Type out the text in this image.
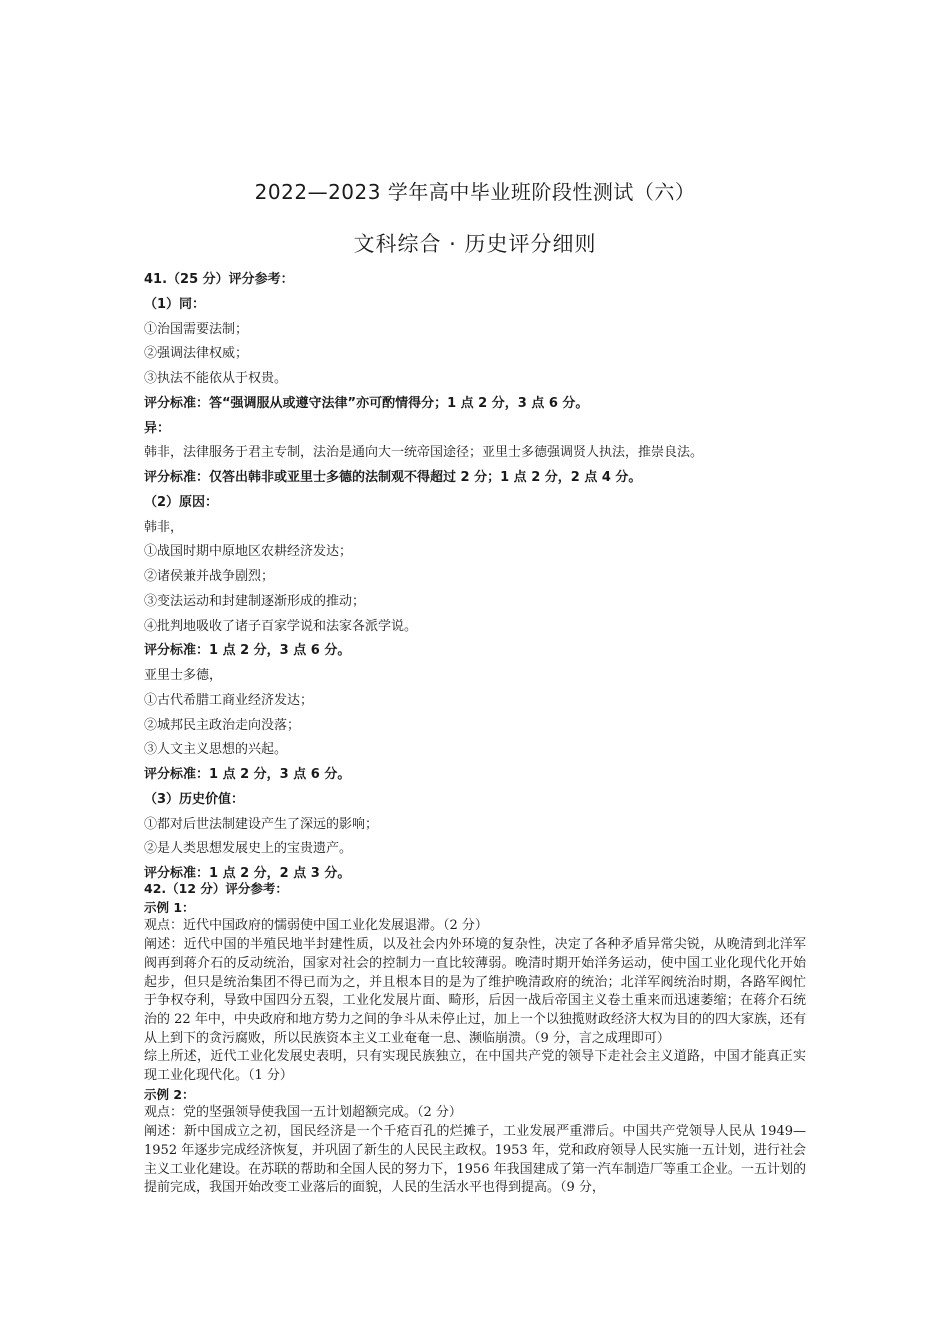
2022—2023 学年高中毕业班阶段性测试（六）
文科综合 · 历史评分细则
41.（25 分）评分参考：
（1）同：
①治国需要法制；
②强调法律权威；
③执法不能依从于权贵。
评分标准：答“强调服从或遵守法律”亦可酌情得分；1 点 2 分，3 点 6 分。
异：
韩非，法律服务于君主专制，法治是通向大一统帝国途径；亚里士多德强调贤人执法，推崇良法。
评分标准：仅答出韩非或亚里士多德的法制观不得超过 2 分；1 点 2 分，2 点 4 分。
（2）原因：
韩非，
①战国时期中原地区农耕经济发达；
②诸侯兼并战争剧烈；
③变法运动和封建制逐渐形成的推动；
④批判地吸收了诸子百家学说和法家各派学说。
评分标准：1 点 2 分，3 点 6 分。
亚里士多德，
①古代希腊工商业经济发达；
②城邦民主政治走向没落；
③人文主义思想的兴起。
评分标准：1 点 2 分，3 点 6 分。
（3）历史价值：
①都对后世法制建设产生了深远的影响；
②是人类思想发展史上的宝贵遗产。
评分标准：1 点 2 分，2 点 3 分。
42.（12 分）评分参考：
示例 1：
观点：近代中国政府的懦弱使中国工业化发展退滞。（2 分）
阐述：近代中国的半殖民地半封建性质，以及社会内外环境的复杂性，决定了各种矛盾异常尖锐，从晚清到北洋军阀再到蒋介石的反动统治，国家对社会的控制力一直比较薄弱。晚清时期开始洋务运动，使中国工业化现代化开始起步，但只是统治集团不得已而为之，并且根本目的是为了维护晚清政府的统治；北洋军阀统治时期，各路军阀忙于争权夺利，导致中国四分五裂，工业化发展片面、畸形，后因一战后帝国主义卷土重来而迅速萎缩；在蒋介石统治的 22 年中，中央政府和地方势力之间的争斗从未停止过，加上一个以独揽财政经济大权为目的的四大家族，还有从上到下的贪污腐败，所以民族资本主义工业奄奄一息、濒临崩溃。（9 分，言之成理即可）
综上所述，近代工业化发展史表明，只有实现民族独立，在中国共产党的领导下走社会主义道路，中国才能真正实现工业化现代化。（1 分）
示例 2：
观点：党的坚强领导使我国一五计划超额完成。（2 分）
阐述：新中国成立之初，国民经济是一个千疮百孔的烂摊子，工业发展严重滞后。中国共产党领导人民从 1949—1952 年逐步完成经济恢复，并巩固了新生的人民民主政权。1953 年，党和政府领导人民实施一五计划，进行社会主义工业化建设。在苏联的帮助和全国人民的努力下，1956 年我国建成了第一汽车制造厂等重工企业。一五计划的提前完成，我国开始改变工业落后的面貌，人民的生活水平也得到提高。（9 分，
